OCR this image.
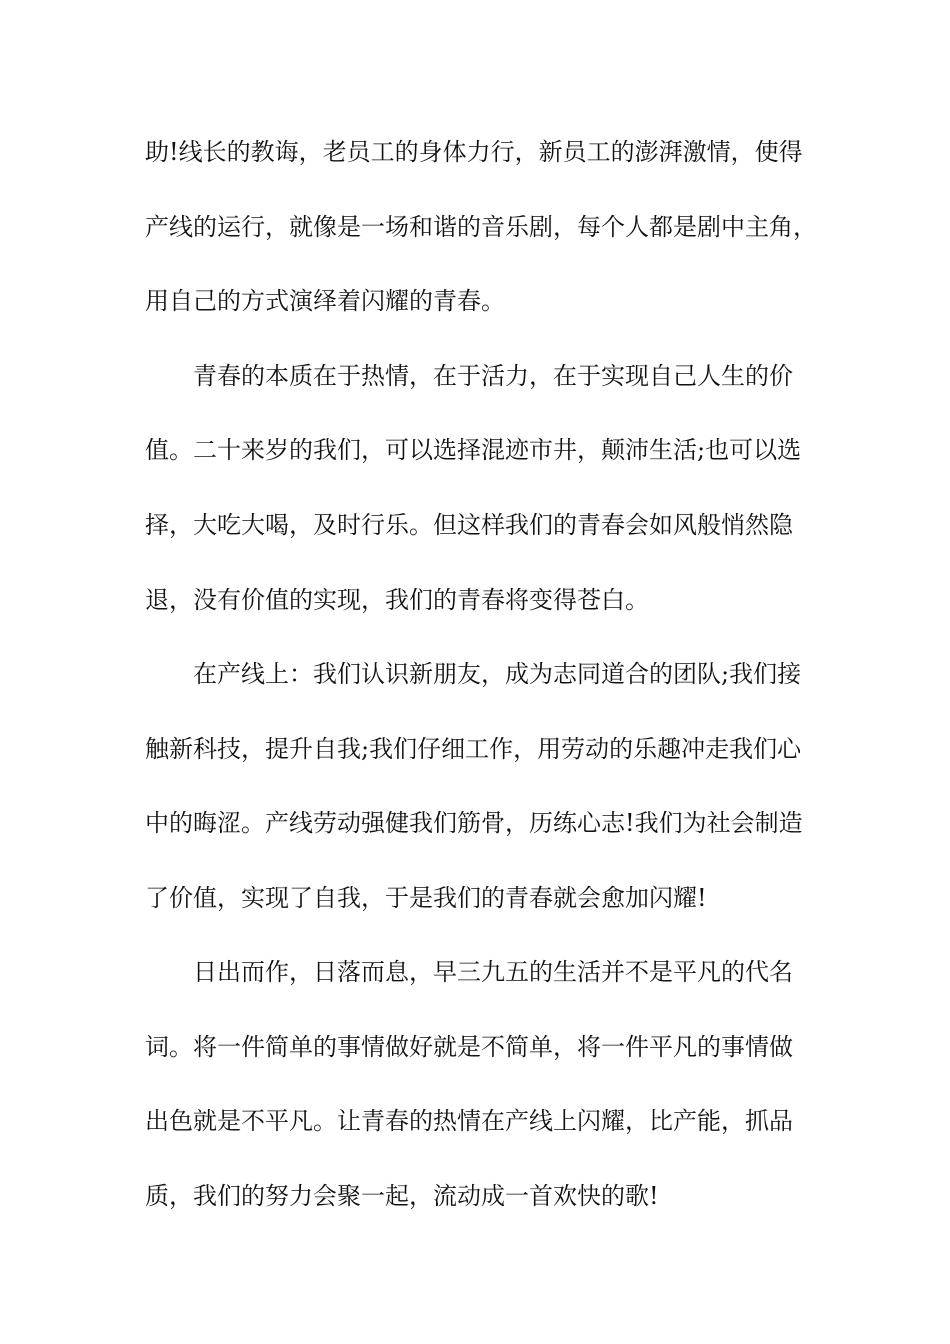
助!线长的教诲，老员工的身体力行，新员工的澎湃激情，使得

产线的运行，就像是一场和谐的音乐剧，每个人都是剧中主角，

用自己的方式演绎着闪耀的青春。

青春的本质在于热情，在于活力，在于实现自己人生的价

值。二十来岁的我们，可以选择混迹市井，颠沛生活;也可以选

择，大吃大喝，及时行乐。但这样我们的青春会如风般悄然隐

退，没有价值的实现，我们的青春将变得苍白。

在产线上：我们认识新朋友，成为志同道合的团队;我们接

触新科技，提升自我;我们仔细工作，用劳动的乐趣冲走我们心

中的晦涩。产线劳动强健我们筋骨，历练心志!我们为社会制造

了价值，实现了自我，于是我们的青春就会愈加闪耀!

日出而作，日落而息，早三九五的生活并不是平凡的代名

词。将一件简单的事情做好就是不简单，将一件平凡的事情做

出色就是不平凡。让青春的热情在产线上闪耀，比产能，抓品

质，我们的努力会聚一起，流动成一首欢快的歌!
